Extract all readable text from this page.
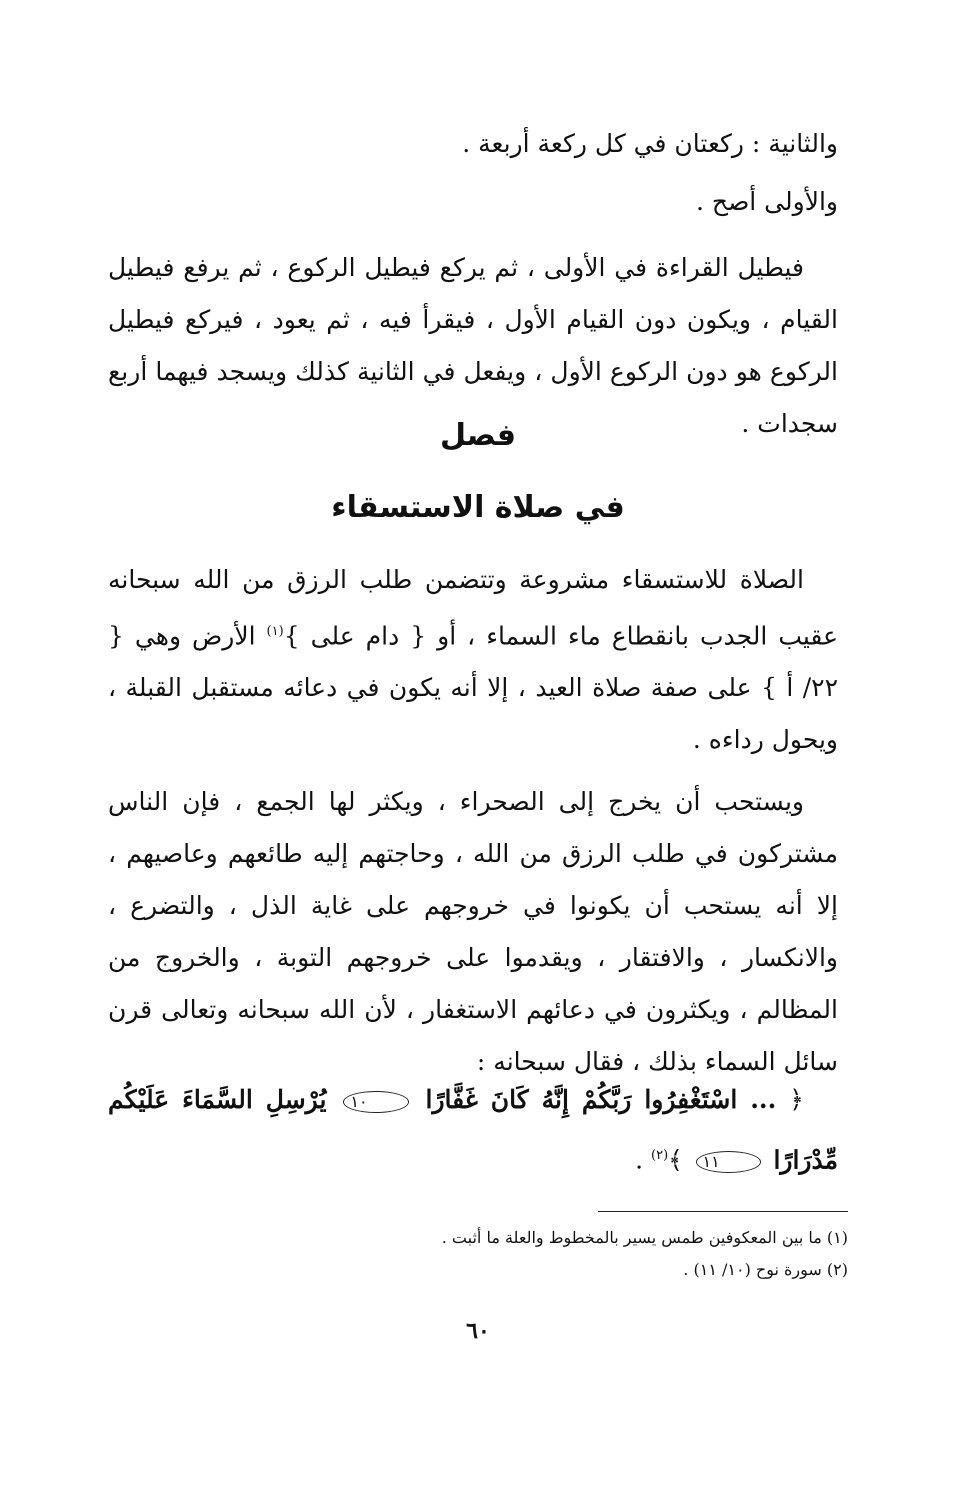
والثانية : ركعتان في كل ركعة أربعة .

والأولى أصح .

فيطيل القراءة في الأولى ، ثم يركع فيطيل الركوع ، ثم يرفع فيطيل القيام ، ويكون دون القيام الأول ، فيقرأ فيه ، ثم يعود ، فيركع فيطيل الركوع هو دون الركوع الأول ، ويفعل في الثانية كذلك ويسجد فيهما أربع سجدات .

فصل
في صلاة الاستسقاء

الصلاة للاستسقاء مشروعة وتتضمن طلب الرزق من الله سبحانه عقيب الجدب بانقطاع ماء السماء ، أو { دام على }$^{(١)}$ الأرض وهي { ٢٢/ أ } على صفة صلاة العيد ، إلا أنه يكون في دعائه مستقبل القبلة ، ويحول رداءه .

ويستحب أن يخرج إلى الصحراء ، ويكثر لها الجمع ، فإن الناس مشتركون في طلب الرزق من الله ، وحاجتهم إليه طائعهم وعاصيهم ، إلا أنه يستحب أن يكونوا في خروجهم على غاية الذل ، والتضرع ، والانكسار ، والافتقار ، ويقدموا على خروجهم التوبة ، والخروج من المظالم ، ويكثرون في دعائهم الاستغفار ، لأن الله سبحانه وتعالى قرن سائل السماء بذلك ، فقال سبحانه :

﴿ ... اسْتَغْفِرُوا رَبَّكُمْ إِنَّهُ كَانَ غَفَّارًا ١٠ يُرْسِلِ السَّمَاءَ عَلَيْكُم مِّدْرَارًا ١١ ﴾$^{(٢)}$ .
(١) ما بين المعكوفين طمس يسير بالمخطوط والعلة ما أثبت .
(٢) سورة نوح (١٠/ ١١) .
٦٠
